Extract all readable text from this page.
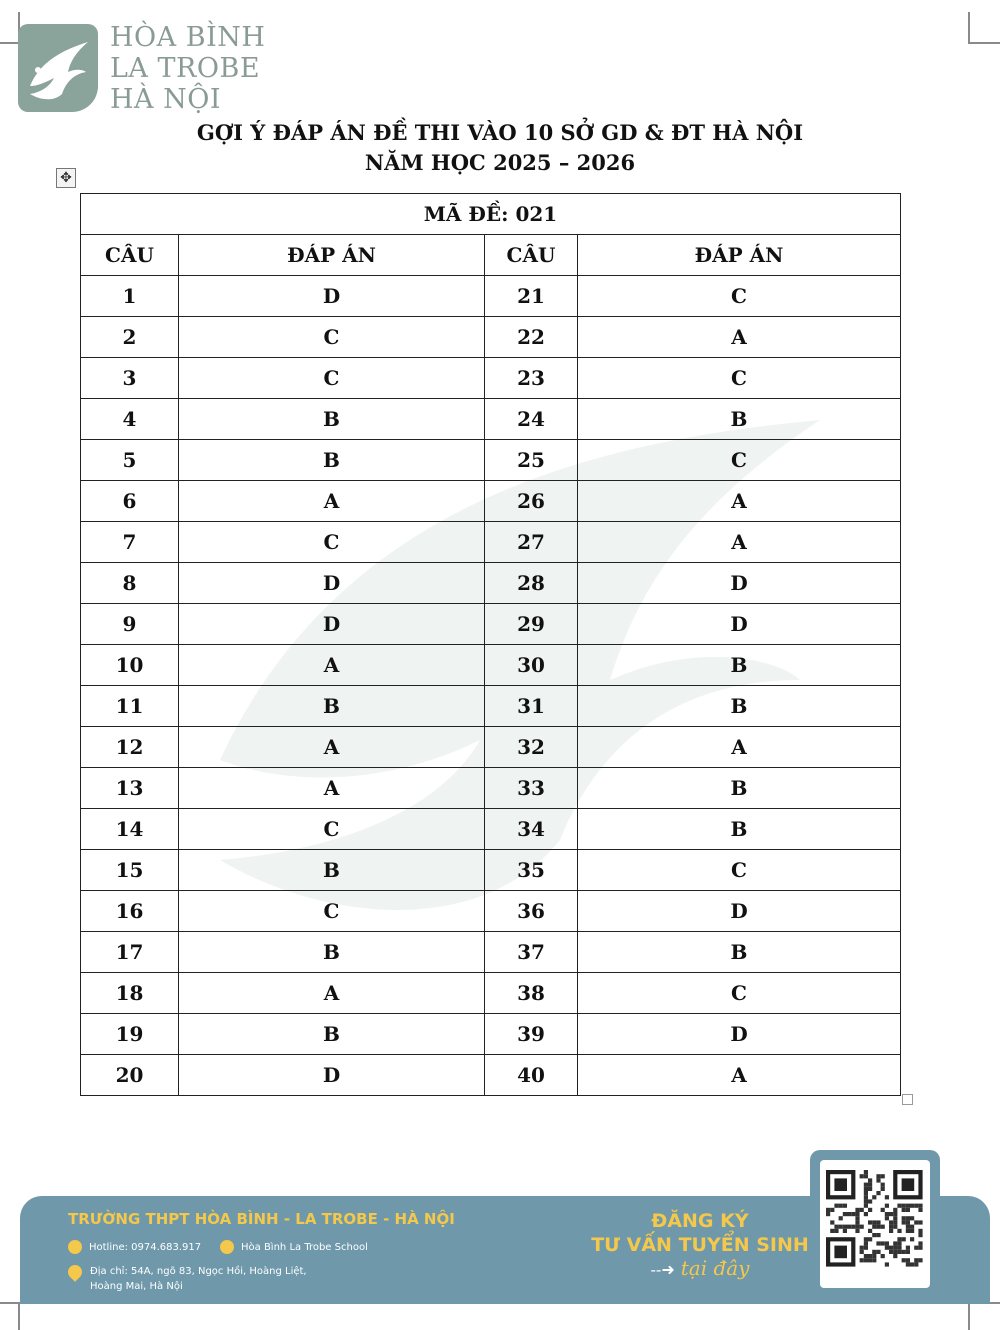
HÒA BÌNH
LA TROBE
HÀ NỘI
GỢI Ý ĐÁP ÁN ĐỀ THI VÀO 10 SỞ GD & ĐT HÀ NỘI
NĂM HỌC 2025 – 2026
✥
MÃ ĐỀ: 021			
CÂU	ĐÁP ÁN	CÂU	ĐÁP ÁN
1	D	21	C
2	C	22	A
3	C	23	C
4	B	24	B
5	B	25	C
6	A	26	A
7	C	27	A
8	D	28	D
9	D	29	D
10	A	30	B
11	B	31	B
12	A	32	A
13	A	33	B
14	C	34	B
15	B	35	C
16	C	36	D
17	B	37	B
18	A	38	C
19	B	39	D
20	D	40	A
TRƯỜNG THPT HÒA BÌNH - LA TROBE - HÀ NỘI
Hotline: 0974.683.917	Hòa Bình La Trobe School
Địa chỉ: 54A, ngõ 83, Ngọc Hồi, Hoàng Liệt, Hoàng Mai, Hà Nội
ĐĂNG KÝ
TƯ VẤN TUYỂN SINH
‐‐➜ tại đây
